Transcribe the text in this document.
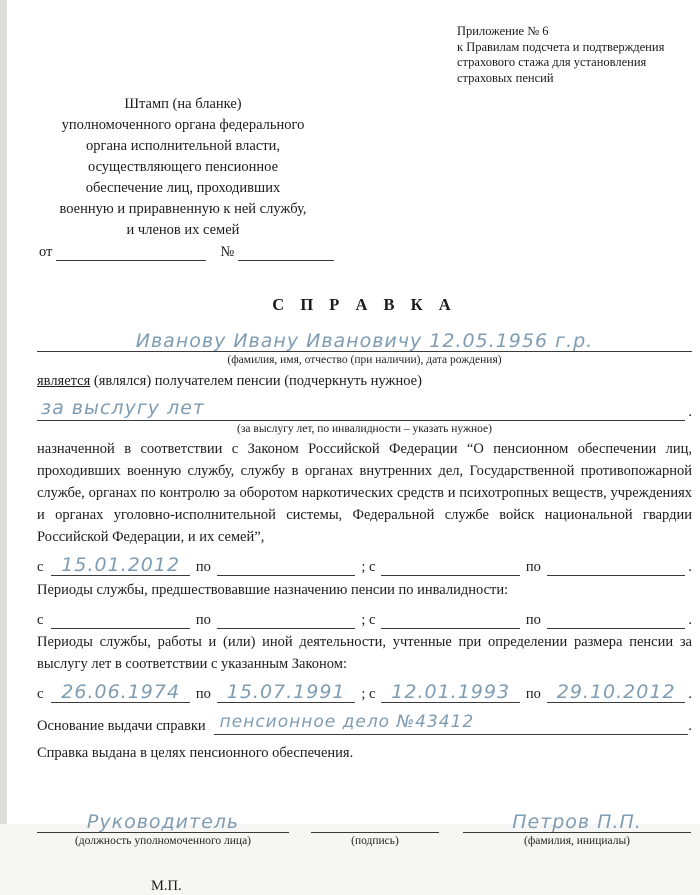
Приложение № 6
к Правилам подсчета и подтверждения
страхового стажа для установления
страховых пенсий
Штамп (на бланке)
уполномоченного органа федерального
органа исполнительной власти,
осуществляющего пенсионное
обеспечение лиц, проходивших
военную и приравненную к ней службу,
и членов их семей
от	№
С П Р А В К А
Иванову Ивану Ивановичу 12.05.1956 г.р.
(фамилия, имя, отчество (при наличии), дата рождения)
является (являлся) получателем пенсии (подчеркнуть нужное)
за выслугу лет	.
(за выслугу лет, по инвалидности – указать нужное)
назначенной в соответствии с Законом Российской Федерации “О пенсионном обеспечении лиц, проходивших военную службу, службу в органах внутренних дел, Государственной противопожарной службе, органах по контролю за оборотом наркотических средств и психотропных веществ, учреждениях и органах уголовно-исполнительной системы, Федеральной службе войск национальной гвардии Российской Федерации, и их семей”,
с 15.01.2012	по	; с	по	.
Периоды службы, предшествовавшие назначению пенсии по инвалидности:
с	по	; с	по	.
Периоды службы, работы и (или) иной деятельности, учтенные при определении размера пенсии за выслугу лет в соответствии с указанным Законом:
с 26.06.1974	по 15.07.1991	; с 12.01.1993	по 29.10.2012 .
Основание выдачи справки пенсионное дело №43412	.
Справка выдана в целях пенсионного обеспечения.
Руководитель
(должность уполномоченного лица)	(подпись)
Петров П.П.
(фамилия, инициалы)
М.П.
